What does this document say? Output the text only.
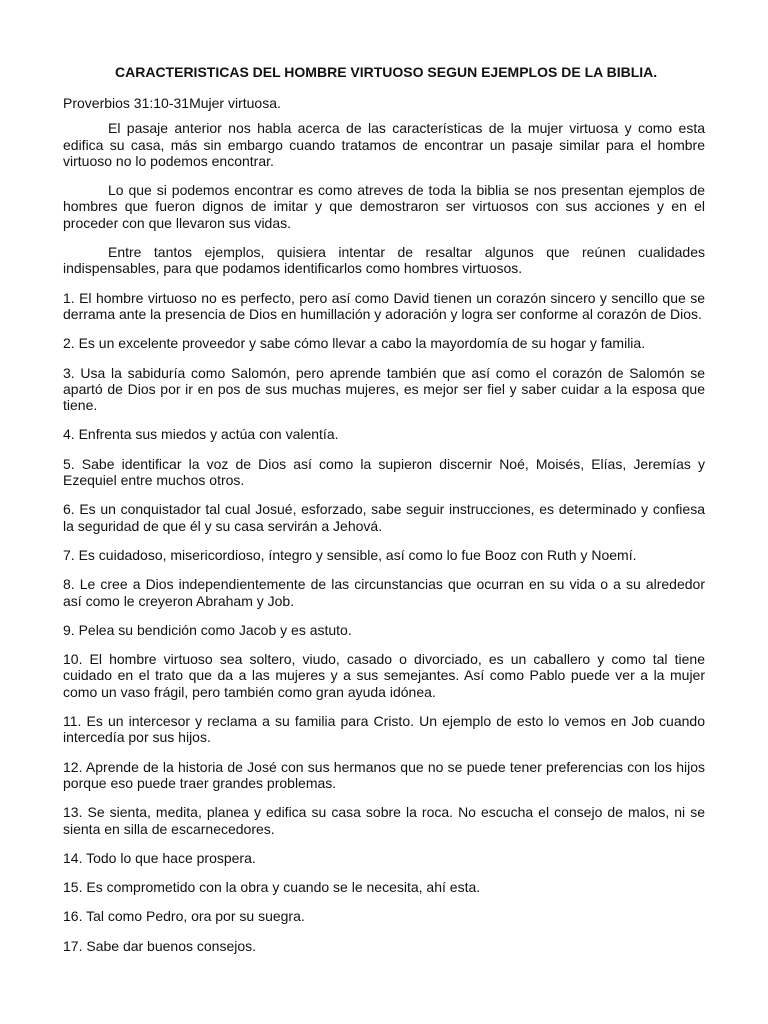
CARACTERISTICAS DEL HOMBRE VIRTUOSO SEGUN EJEMPLOS DE LA BIBLIA.

Proverbios 31:10-31Mujer virtuosa.

El pasaje anterior nos habla acerca de las características de la mujer virtuosa y como esta edifica su casa, más sin embargo cuando tratamos de encontrar un pasaje similar para el hombre virtuoso no lo podemos encontrar.

Lo que si podemos encontrar es como atreves de toda la biblia se nos presentan ejemplos de hombres que fueron dignos de imitar y que demostraron ser virtuosos con sus acciones y en el proceder con que llevaron sus vidas.

Entre tantos ejemplos, quisiera intentar de resaltar algunos que reúnen cualidades indispensables, para que podamos identificarlos como hombres virtuosos.

1. El hombre virtuoso no es perfecto, pero así como David tienen un corazón sincero y sencillo que se derrama ante la presencia de Dios en humillación y adoración y logra ser conforme al corazón de Dios.

2. Es un excelente proveedor y sabe cómo llevar a cabo la mayordomía de su hogar y familia.

3. Usa la sabiduría como Salomón, pero aprende también que así como el corazón de Salomón se apartó de Dios por ir en pos de sus muchas mujeres, es mejor ser fiel y saber cuidar a la esposa que tiene.

4. Enfrenta sus miedos y actúa con valentía.

5. Sabe identificar la voz de Dios así como la supieron discernir Noé, Moisés, Elías, Jeremías y Ezequiel entre muchos otros.

6. Es un conquistador tal cual Josué, esforzado, sabe seguir instrucciones, es determinado y confiesa la seguridad de que él y su casa servirán a Jehová.

7. Es cuidadoso, misericordioso, íntegro y sensible, así como lo fue Booz con Ruth y Noemí.

8. Le cree a Dios independientemente de las circunstancias que ocurran en su vida o a su alrededor así como le creyeron Abraham y Job.

9. Pelea su bendición como Jacob y es astuto.

10. El hombre virtuoso sea soltero, viudo, casado o divorciado, es un caballero y como tal tiene cuidado en el trato que da a las mujeres y a sus semejantes. Así como Pablo puede ver a la mujer como un vaso frágil, pero también como gran ayuda idónea.

11. Es un intercesor y reclama a su familia para Cristo. Un ejemplo de esto lo vemos en Job cuando intercedía por sus hijos.

12. Aprende de la historia de José con sus hermanos que no se puede tener preferencias con los hijos porque eso puede traer grandes problemas.

13. Se sienta, medita, planea y edifica su casa sobre la roca. No escucha el consejo de malos, ni se sienta en silla de escarnecedores.

14. Todo lo que hace prospera.

15. Es comprometido con la obra y cuando se le necesita, ahí esta.

16. Tal como Pedro, ora por su suegra.

17. Sabe dar buenos consejos.
